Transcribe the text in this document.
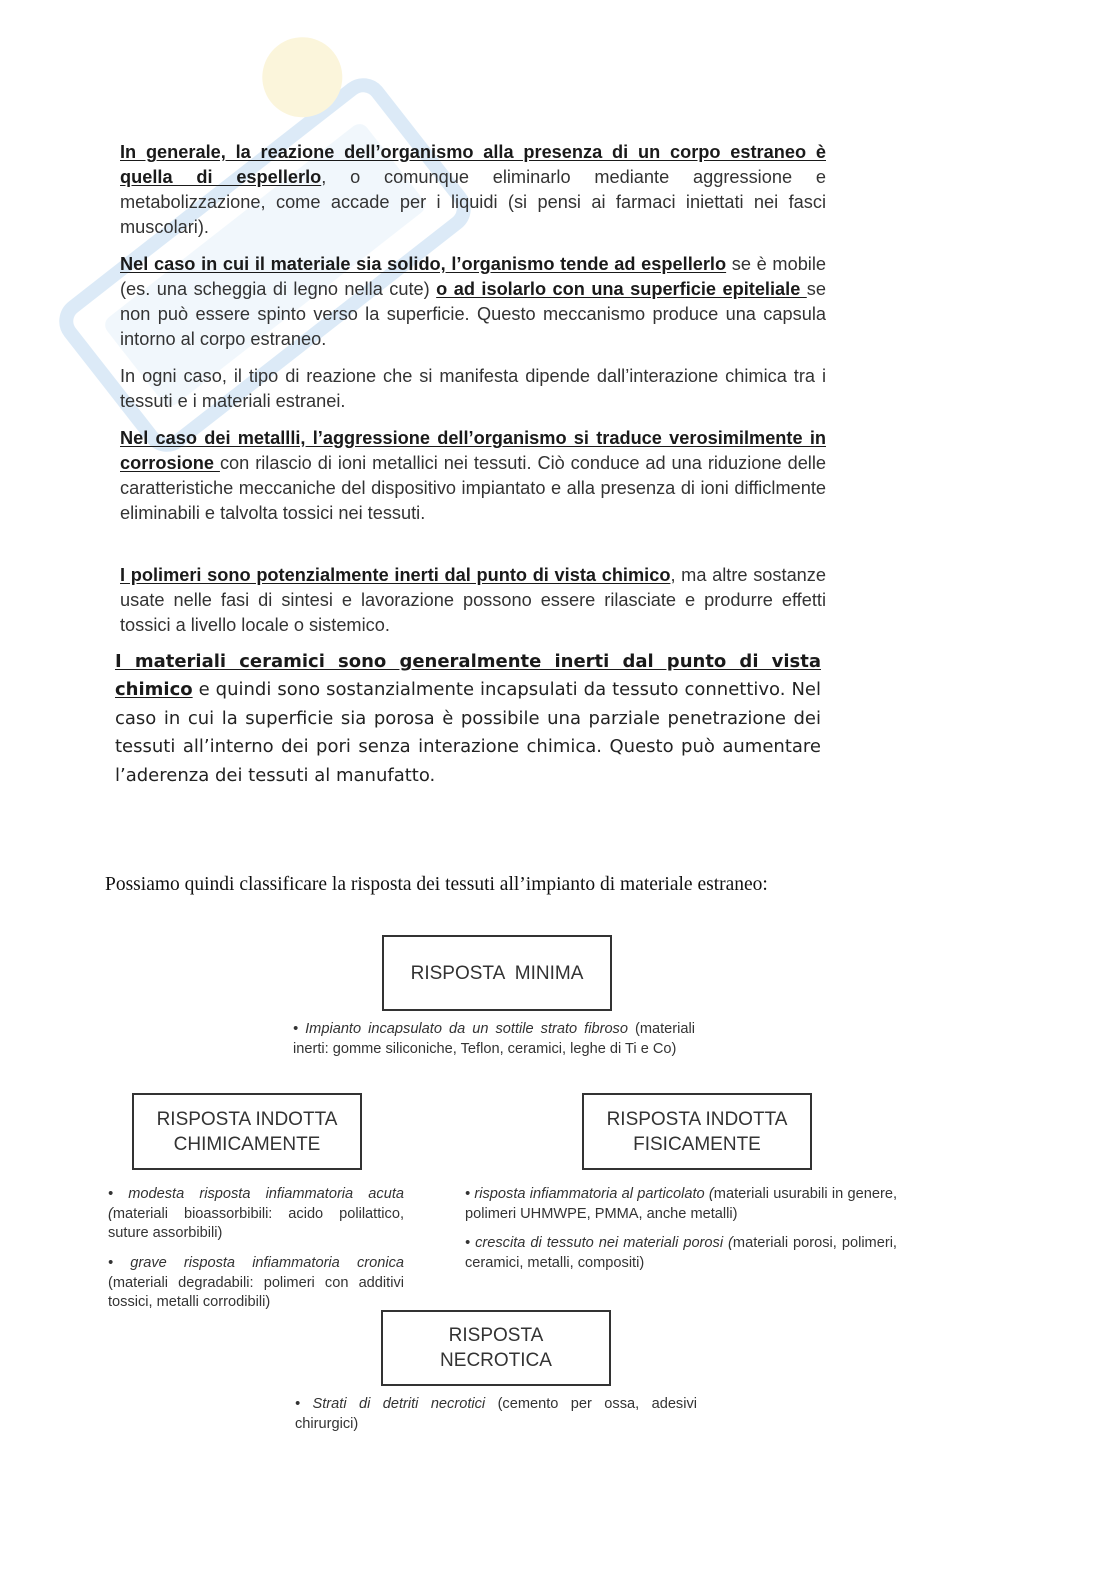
In generale, la reazione dell’organismo alla presenza di un corpo estraneo è quella di espellerlo, o comunque eliminarlo mediante aggressione e metabolizzazione, come accade per i liquidi (si pensi ai farmaci iniettati nei fasci muscolari).
Nel caso in cui il materiale sia solido, l’organismo tende ad espellerlo se è mobile (es. una scheggia di legno nella cute) o ad isolarlo con una superficie epiteliale se non può essere spinto verso la superficie. Questo meccanismo produce una capsula intorno al corpo estraneo.
In ogni caso, il tipo di reazione che si manifesta dipende dall’interazione chimica tra i tessuti e i materiali estranei.
Nel caso dei metallli, l’aggressione dell’organismo si traduce verosimilmente in corrosione con rilascio di ioni metallici nei tessuti. Ciò conduce ad una riduzione delle caratteristiche meccaniche del dispositivo impiantato e alla presenza di ioni difficlmente eliminabili e talvolta tossici nei tessuti.
I polimeri sono potenzialmente inerti dal punto di vista chimico, ma altre sostanze usate nelle fasi di sintesi e lavorazione possono essere rilasciate e produrre effetti tossici a livello locale o sistemico.
I materiali ceramici sono generalmente inerti dal punto di vista chimico e quindi sono sostanzialmente incapsulati da tessuto connettivo. Nel caso in cui la superficie sia porosa è possibile una parziale penetrazione dei tessuti all’interno dei pori senza interazione chimica. Questo può aumentare l’aderenza dei tessuti al manufatto.
Possiamo quindi classificare la risposta dei tessuti all’impianto di materiale estraneo:
RISPOSTA  MINIMA
• Impianto incapsulato da un sottile strato fibroso (materiali inerti: gomme siliconiche, Teflon, ceramici, leghe di Ti e Co)
RISPOSTA INDOTTA
CHIMICAMENTE
• modesta risposta infiammatoria acuta (materiali bioassorbibili: acido polilattico, suture assorbibili)
• grave risposta infiammatoria cronica (materiali degradabili: polimeri con additivi tossici, metalli corrodibili)
RISPOSTA INDOTTA
FISICAMENTE
• risposta infiammatoria al particolato (materiali usurabili in genere, polimeri UHMWPE, PMMA, anche metalli)
• crescita di tessuto nei materiali porosi (materiali porosi, polimeri, ceramici, metalli, compositi)
RISPOSTA
NECROTICA
• Strati di detriti necrotici (cemento per ossa, adesivi chirurgici)
